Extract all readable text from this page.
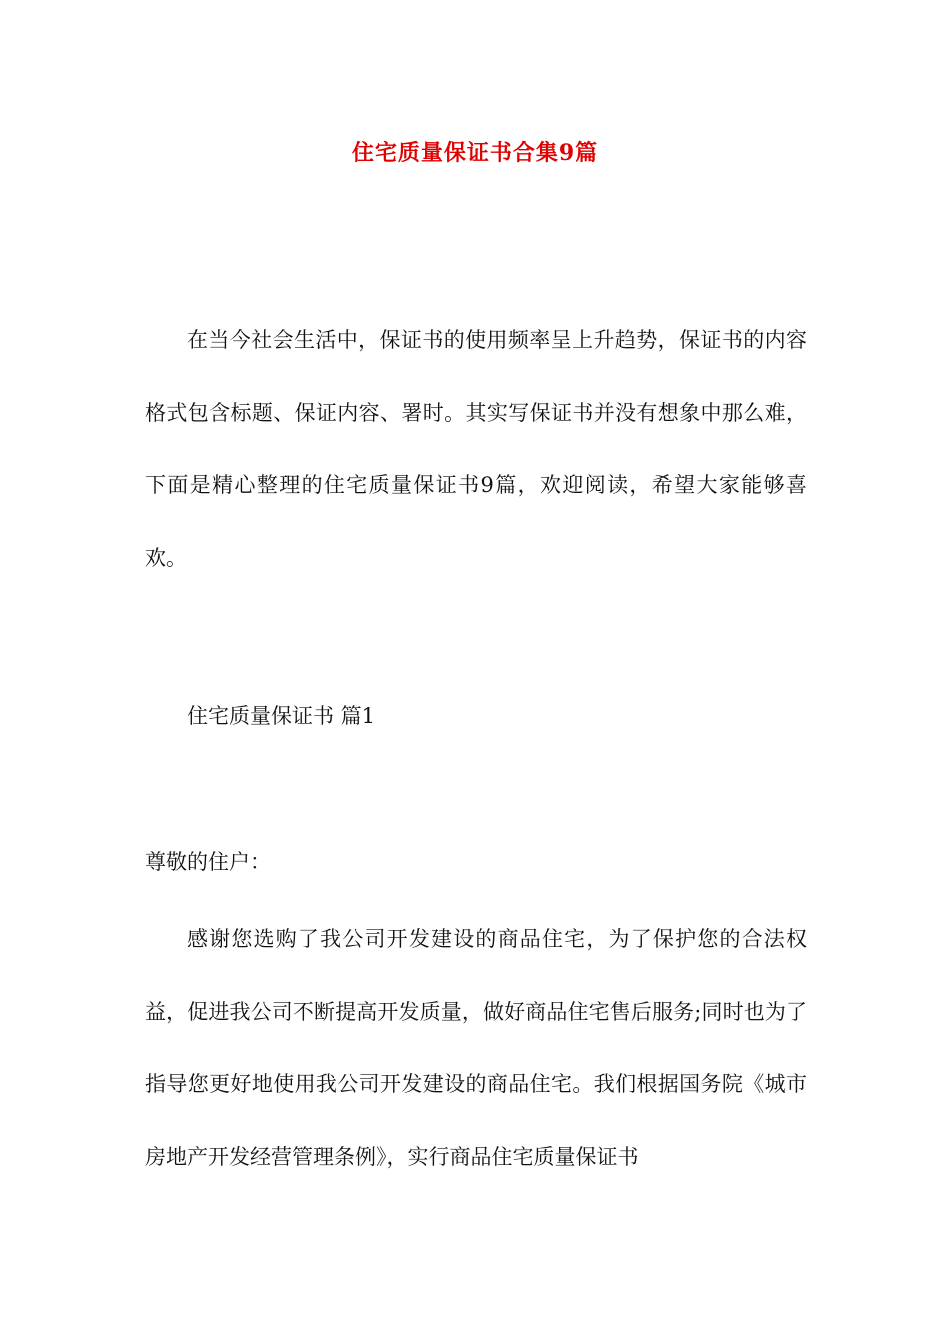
住宅质量保证书合集9篇

在当今社会生活中，保证书的使用频率呈上升趋势，保证书的内容格式包含标题、保证内容、署时。其实写保证书并没有想象中那么难，下面是精心整理的住宅质量保证书9篇，欢迎阅读，希望大家能够喜欢。

住宅质量保证书 篇1

尊敬的住户：

感谢您选购了我公司开发建设的商品住宅，为了保护您的合法权益，促进我公司不断提高开发质量，做好商品住宅售后服务;同时也为了指导您更好地使用我公司开发建设的商品住宅。我们根据国务院《城市房地产开发经营管理条例》，实行商品住宅质量保证书
